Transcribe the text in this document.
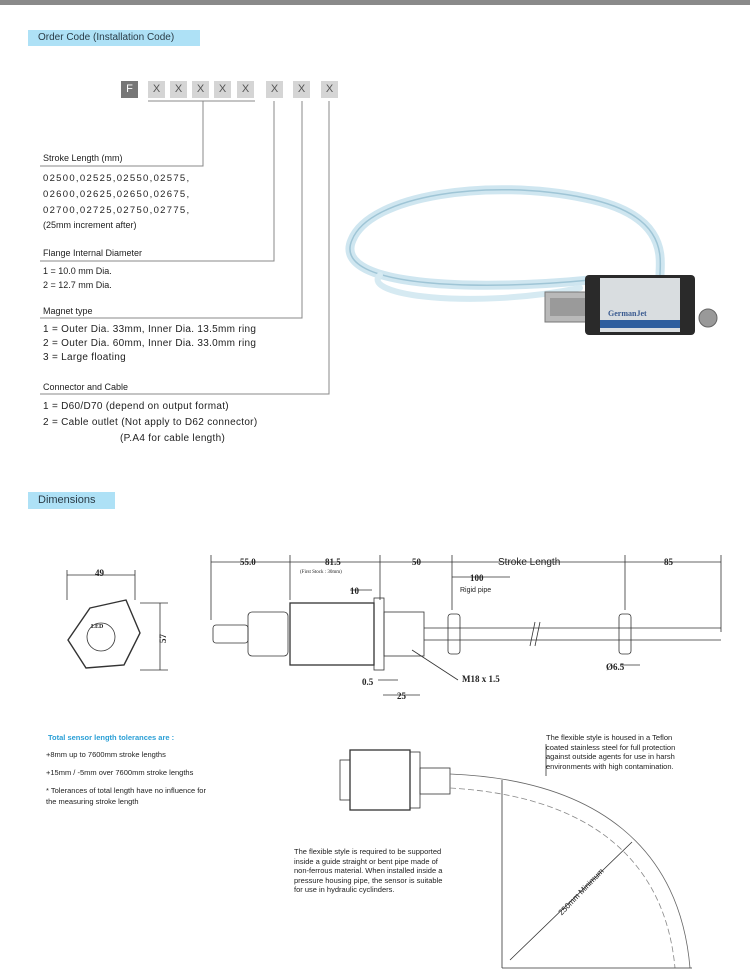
Order Code (Installation Code)
F	X	X	X	X	X	X	X	X
Stroke Length (mm)
02500,02525,02550,02575,
02600,02625,02650,02675,
02700,02725,02750,02775,
(25mm increment after)
Flange Internal Diameter
1 = 10.0 mm Dia.
2 = 12.7 mm Dia.
Magnet type
1 = Outer Dia. 33mm, Inner Dia. 13.5mm ring
2 = Outer Dia. 60mm, Inner Dia. 33.0mm ring
3 = Large floating
Connector and Cable
1 = D60/D70 (depend on output format)
2 = Cable outlet (Not apply to D62 connector)
(P.A4 for cable length)
GermanJet
Dimensions
49
57
LED
55.0	81.5
(First Stock : 30mm)
50	85
10
100
0.5
25
M18 x 1.5
Ø6.5
Stroke Length
Rigid pipe
Total sensor length tolerances are :
+8mm up to 7600mm stroke lengths
+15mm / -5mm over 7600mm stroke lengths
* Tolerances of total length have no influence for
the measuring stroke length
250mm Minimum
The flexible style is housed in a Teflon
coated stainless steel for full protection
against outside agents for use in harsh
environments with high contamination.
The flexible style is required to be supported
inside a guide straight or bent pipe made of
non-ferrous material. When installed inside a
pressure housing pipe, the sensor is suitable
for use in hydraulic cyclinders.
